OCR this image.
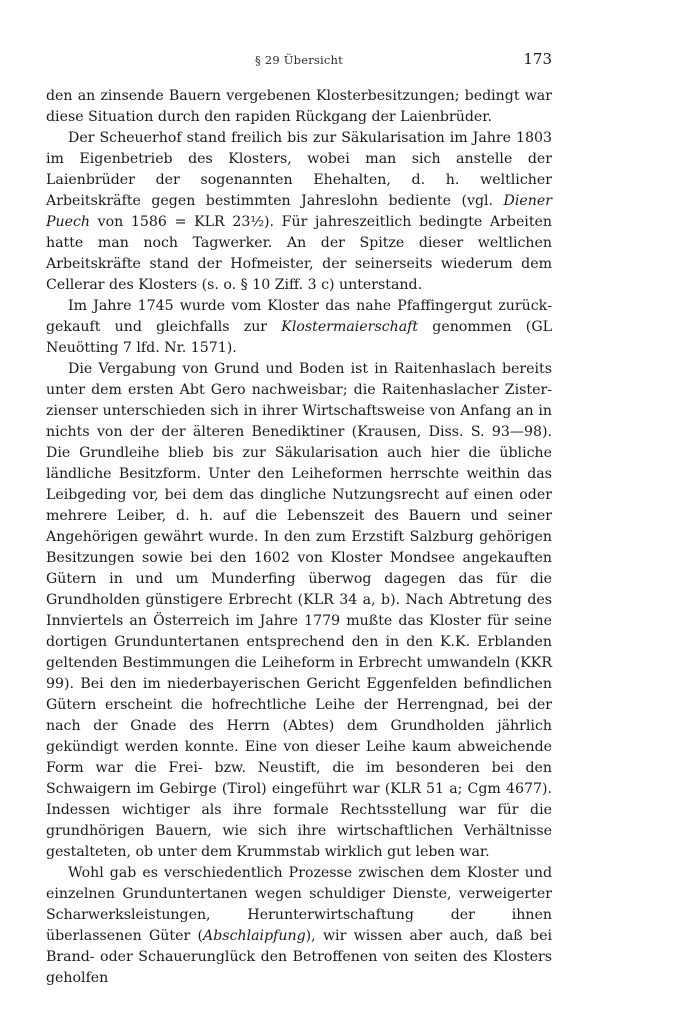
§ 29 Übersicht	173

den an zinsende Bauern vergebenen Klosterbesitzungen; bedingt war diese Situation durch den rapiden Rückgang der Laienbrüder.

Der Scheuerhof stand freilich bis zur Säkularisation im Jahre 1803 im Eigenbetrieb des Klosters, wobei man sich anstelle der Laienbrüder der sogenannten Ehehalten, d. h. weltlicher Arbeitskräfte gegen bestimmten Jahreslohn bediente (vgl. Diener Puech von 1586 = KLR 23½). Für jahreszeitlich bedingte Arbeiten hatte man noch Tagwerker. An der Spitze dieser weltlichen Arbeitskräfte stand der Hofmeister, der seinerseits wiederum dem Cellerar des Klosters (s. o. § 10 Ziff. 3 c) unterstand.

Im Jahre 1745 wurde vom Kloster das nahe Pfaffingergut zurückgekauft und gleichfalls zur Klostermaierschaft genommen (GL Neuötting 7 lfd. Nr. 1571).

Die Vergabung von Grund und Boden ist in Raitenhaslach bereits unter dem ersten Abt Gero nachweisbar; die Raitenhaslacher Zisterzienser unterschieden sich in ihrer Wirtschaftsweise von Anfang an in nichts von der der älteren Benediktiner (Krausen, Diss. S. 93—98). Die Grundleihe blieb bis zur Säkularisation auch hier die übliche ländliche Besitzform. Unter den Leiheformen herrschte weithin das Leibgeding vor, bei dem das dingliche Nutzungsrecht auf einen oder mehrere Leiber, d. h. auf die Lebenszeit des Bauern und seiner Angehörigen gewährt wurde. In den zum Erzstift Salzburg gehörigen Besitzungen sowie bei den 1602 von Kloster Mondsee angekauften Gütern in und um Munderfing überwog dagegen das für die Grundholden günstigere Erbrecht (KLR 34 a, b). Nach Abtretung des Innviertels an Österreich im Jahre 1779 mußte das Kloster für seine dortigen Grunduntertanen entsprechend den in den K.K. Erblanden geltenden Bestimmungen die Leiheform in Erbrecht umwandeln (KKR 99). Bei den im niederbayerischen Gericht Eggenfelden befindlichen Gütern erscheint die hofrechtliche Leihe der Herrengnad, bei der nach der Gnade des Herrn (Abtes) dem Grundholden jährlich gekündigt werden konnte. Eine von dieser Leihe kaum abweichende Form war die Frei- bzw. Neustift, die im besonderen bei den Schwaigern im Gebirge (Tirol) eingeführt war (KLR 51 a; Cgm 4677). Indessen wichtiger als ihre formale Rechtsstellung war für die grundhörigen Bauern, wie sich ihre wirtschaftlichen Verhältnisse gestalteten, ob unter dem Krummstab wirklich gut leben war.

Wohl gab es verschiedentlich Prozesse zwischen dem Kloster und einzelnen Grunduntertanen wegen schuldiger Dienste, verweigerter Scharwerksleistungen, Herunterwirtschaftung der ihnen überlassenen Güter (Abschlaipfung), wir wissen aber auch, daß bei Brand- oder Schauerunglück den Betroffenen von seiten des Klosters geholfen
